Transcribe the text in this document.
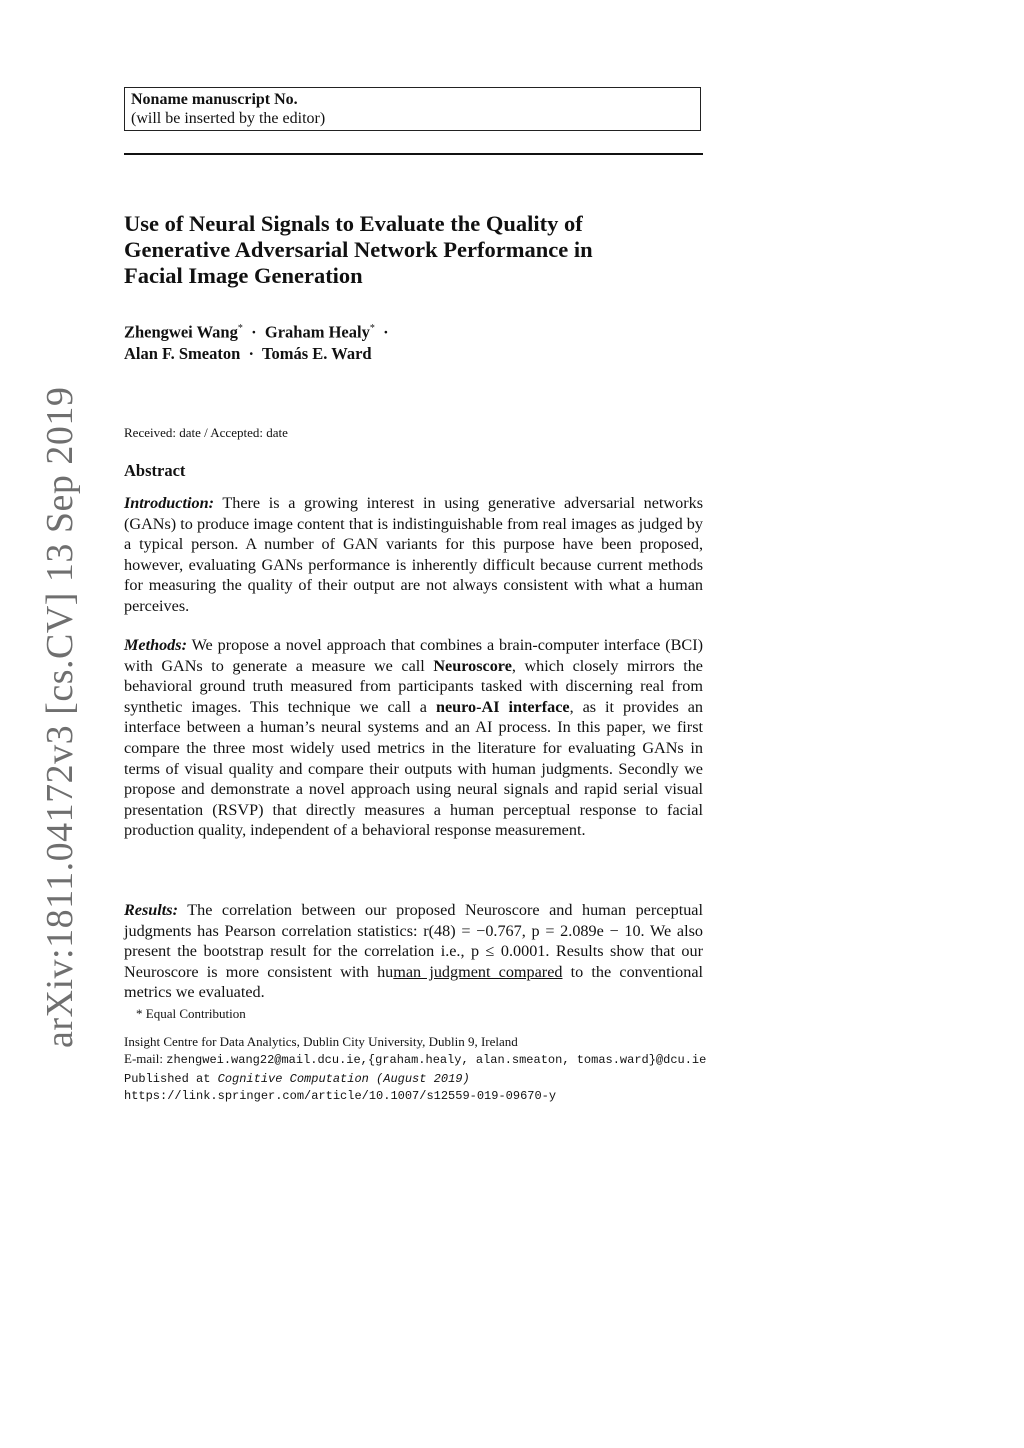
Noname manuscript No.
(will be inserted by the editor)
Use of Neural Signals to Evaluate the Quality of
Generative Adversarial Network Performance in
Facial Image Generation
Zhengwei Wang* · Graham Healy* ·
Alan F. Smeaton · Tomás E. Ward
Received: date / Accepted: date
Abstract
Introduction: There is a growing interest in using generative adversarial networks (GANs) to produce image content that is indistinguishable from real images as judged by a typical person. A number of GAN variants for this purpose have been proposed, however, evaluating GANs performance is inherently difficult because current methods for measuring the quality of their output are not always consistent with what a human perceives.
Methods: We propose a novel approach that combines a brain-computer interface (BCI) with GANs to generate a measure we call Neuroscore, which closely mirrors the behavioral ground truth measured from participants tasked with discerning real from synthetic images. This technique we call a neuro-AI interface, as it provides an interface between a human’s neural systems and an AI process. In this paper, we first compare the three most widely used metrics in the literature for evaluating GANs in terms of visual quality and compare their outputs with human judgments. Secondly we propose and demonstrate a novel approach using neural signals and rapid serial visual presentation (RSVP) that directly measures a human perceptual response to facial production quality, independent of a behavioral response measurement.
Results: The correlation between our proposed Neuroscore and human perceptual judgments has Pearson correlation statistics: r(48) = −0.767, p = 2.089e − 10. We also present the bootstrap result for the correlation i.e., p ≤ 0.0001. Results show that our Neuroscore is more consistent with human judgment compared to the conventional metrics we evaluated.
* Equal Contribution
Insight Centre for Data Analytics, Dublin City University, Dublin 9, Ireland
E-mail: zhengwei.wang22@mail.dcu.ie,{graham.healy, alan.smeaton, tomas.ward}@dcu.ie
Published at Cognitive Computation (August 2019)
https://link.springer.com/article/10.1007/s12559-019-09670-y
arXiv:1811.04172v3 [cs.CV] 13 Sep 2019
